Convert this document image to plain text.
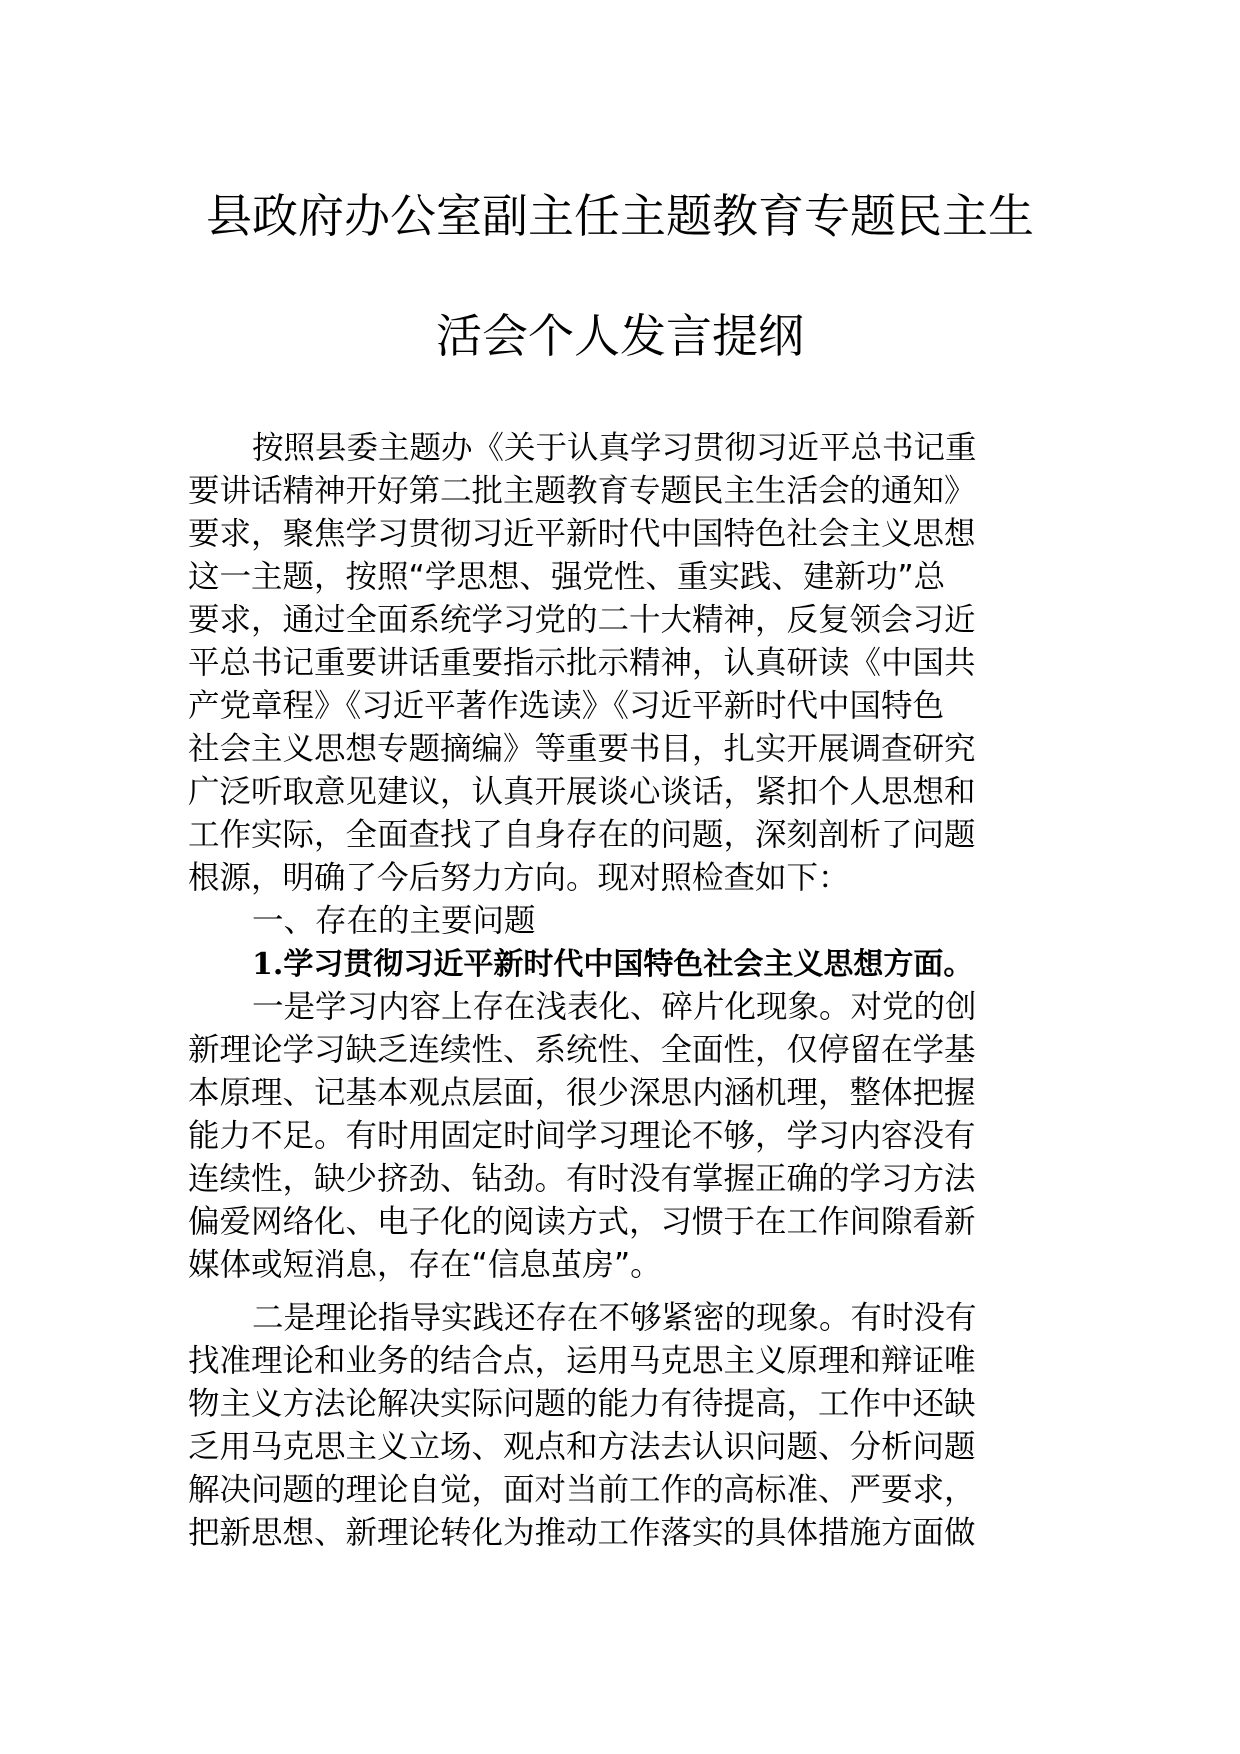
县政府办公室副主任主题教育专题民主生
活会个人发言提纲
按照县委主题办《关于认真学习贯彻习近平总书记重
要讲话精神开好第二批主题教育专题民主生活会的通知》
要求，聚焦学习贯彻习近平新时代中国特色社会主义思想
这一主题，按照“学思想、强党性、重实践、建新功”总
要求，通过全面系统学习党的二十大精神，反复领会习近
平总书记重要讲话重要指示批示精神，认真研读《中国共
产党章程》《习近平著作选读》《习近平新时代中国特色
社会主义思想专题摘编》等重要书目，扎实开展调查研究
广泛听取意见建议，认真开展谈心谈话，紧扣个人思想和
工作实际，全面查找了自身存在的问题，深刻剖析了问题
根源，明确了今后努力方向。现对照检查如下：
一、存在的主要问题
1.学习贯彻习近平新时代中国特色社会主义思想方面。
一是学习内容上存在浅表化、碎片化现象。对党的创
新理论学习缺乏连续性、系统性、全面性，仅停留在学基
本原理、记基本观点层面，很少深思内涵机理，整体把握
能力不足。有时用固定时间学习理论不够，学习内容没有
连续性，缺少挤劲、钻劲。有时没有掌握正确的学习方法
偏爱网络化、电子化的阅读方式，习惯于在工作间隙看新
媒体或短消息，存在“信息茧房”。
二是理论指导实践还存在不够紧密的现象。有时没有
找准理论和业务的结合点，运用马克思主义原理和辩证唯
物主义方法论解决实际问题的能力有待提高，工作中还缺
乏用马克思主义立场、观点和方法去认识问题、分析问题
解决问题的理论自觉，面对当前工作的高标准、严要求，
把新思想、新理论转化为推动工作落实的具体措施方面做
